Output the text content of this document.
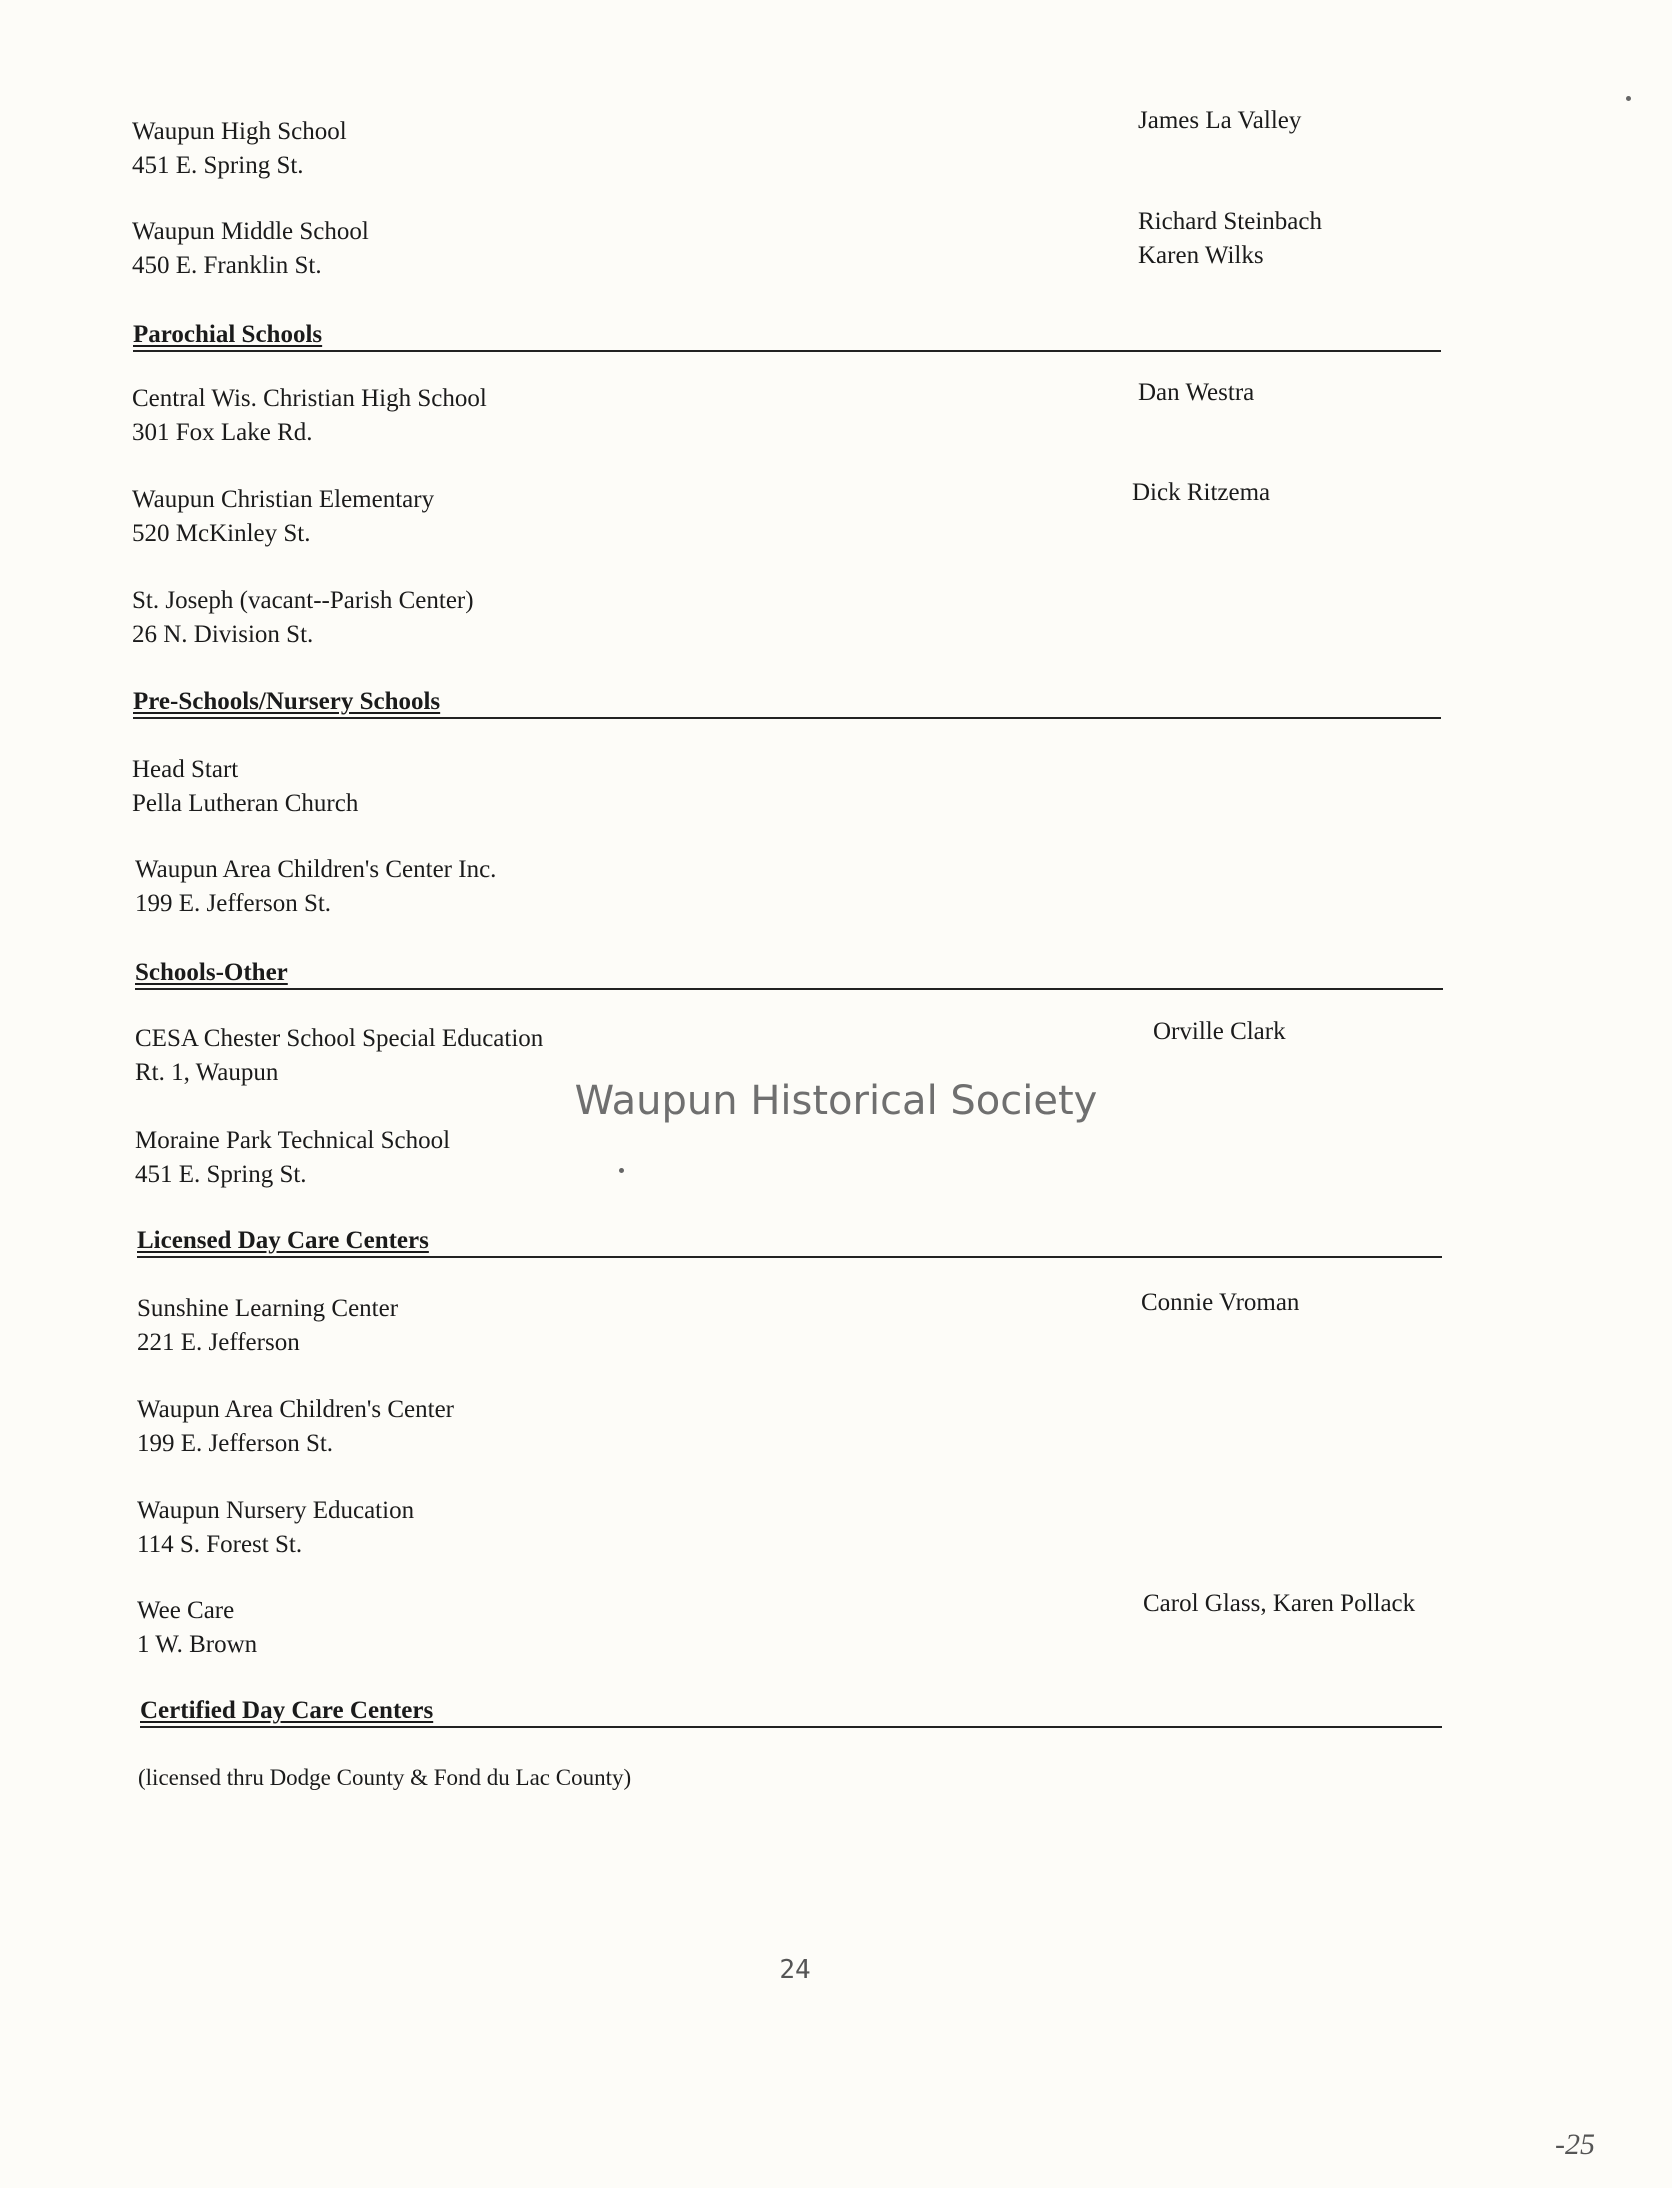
Waupun High School
451 E. Spring St.
James La Valley
Waupun Middle School
450 E. Franklin St.
Richard Steinbach
Karen Wilks
Parochial Schools
Central Wis. Christian High School
301 Fox Lake Rd.
Dan Westra
Waupun Christian Elementary
520 McKinley St.
Dick Ritzema
St. Joseph (vacant--Parish Center)
26 N. Division St.
Pre-Schools/Nursery Schools
Head Start
Pella Lutheran Church
Waupun Area Children's Center Inc.
199 E. Jefferson St.
Schools-Other
CESA Chester School Special Education
Rt. 1, Waupun
Orville Clark
Moraine Park Technical School
451 E. Spring St.
Licensed Day Care Centers
Sunshine Learning Center
221 E. Jefferson
Connie Vroman
Waupun Area Children's Center
199 E. Jefferson St.
Waupun Nursery Education
114 S. Forest St.
Wee Care
1 W. Brown
Carol Glass, Karen Pollack
Certified Day Care Centers
(licensed thru Dodge County & Fond du Lac County)
Waupun Historical Society
24
-25
